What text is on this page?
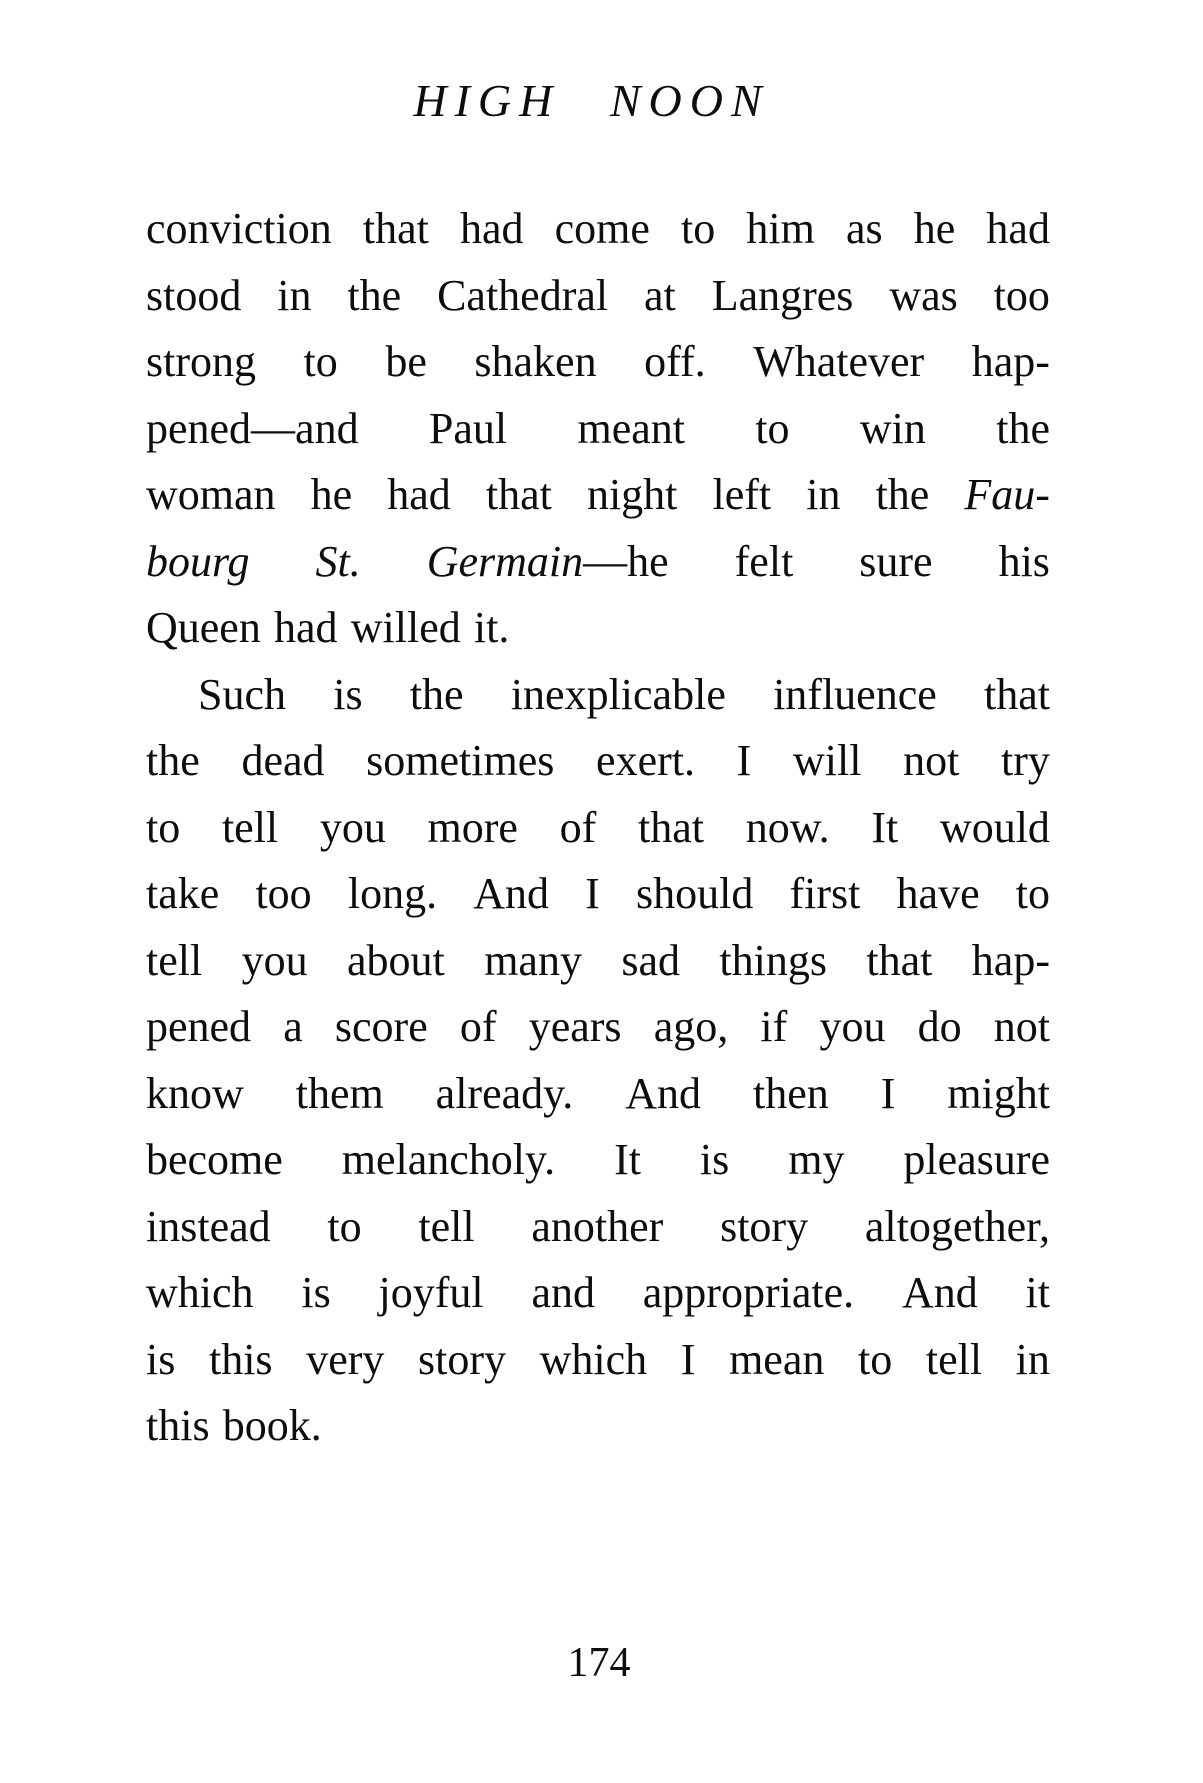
HIGH NOON
conviction that had come to him as he had
stood in the Cathedral at Langres was too
strong to be shaken off. Whatever hap-
pened—and Paul meant to win the
woman he had that night left in the Fau-
bourg St. Germain—he felt sure his
Queen had willed it.
Such is the inexplicable influence that
the dead sometimes exert. I will not try
to tell you more of that now. It would
take too long. And I should first have to
tell you about many sad things that hap-
pened a score of years ago, if you do not
know them already. And then I might
become melancholy. It is my pleasure
instead to tell another story altogether,
which is joyful and appropriate. And it
is this very story which I mean to tell in
this book.
174
